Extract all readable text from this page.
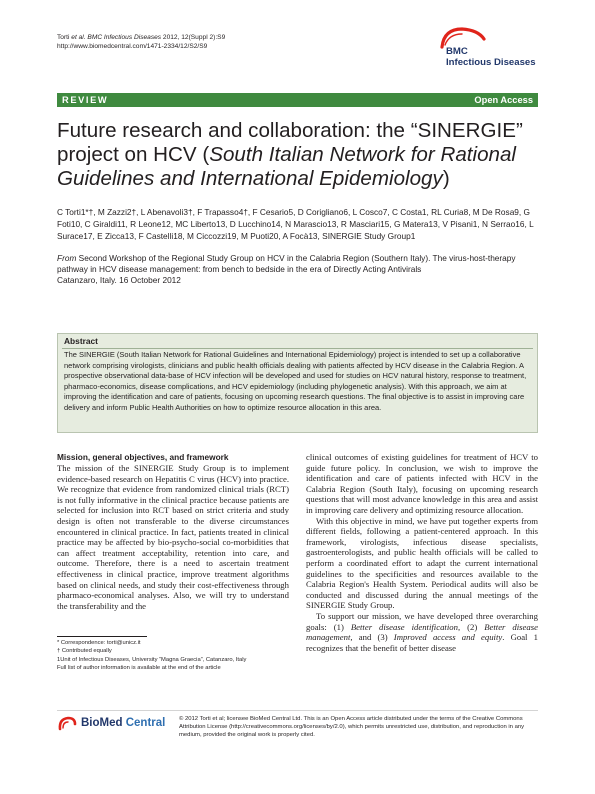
Torti et al. BMC Infectious Diseases 2012, 12(Suppl 2):S9
http://www.biomedcentral.com/1471-2334/12/S2/S9	BMC
Infectious Diseases
REVIEW	Open Access
Future research and collaboration: the “SINERGIE” project on HCV (South Italian Network for Rational Guidelines and International Epidemiology)
C Torti1*†, M Zazzi2†, L Abenavoli3†, F Trapasso4†, F Cesario5, D Corigliano6, L Cosco7, C Costa1, RL Curia8, M De Rosa9, G Foti10, C Giraldi11, R Leone12, MC Liberto13, D Lucchino14, N Marascio13, R Masciari15, G Matera13, V Pisani1, N Serrao16, L Surace17, E Zicca13, F Castelli18, M Ciccozzi19, M Puoti20, A Focà13, SINERGIE Study Group1
From Second Workshop of the Regional Study Group on HCV in the Calabria Region (Southern Italy). The virus-host-therapy pathway in HCV disease management: from bench to bedside in the era of Directly Acting Antivirals
Catanzaro, Italy. 16 October 2012
Abstract
The SINERGIE (South Italian Network for Rational Guidelines and International Epidemiology) project is intended to set up a collaborative network comprising virologists, clinicians and public health officials dealing with patients affected by HCV disease in the Calabria Region. A prospective observational data-base of HCV infection will be developed and used for studies on HCV natural history, response to treatment, pharmaco-economics, disease complications, and HCV epidemiology (including phylogenetic analysis). With this approach, we aim at improving the identification and care of patients, focusing on upcoming research questions. The final objective is to assist in improving care delivery and inform Public Health Authorities on how to optimize resource allocation in this area.
Mission, general objectives, and framework

The mission of the SINERGIE Study Group is to implement evidence-based research on Hepatitis C virus (HCV) into practice. We recognize that evidence from randomized clinical trials (RCT) is not fully informative in the clinical practice because patients are selected for inclusion into RCT based on strict criteria and study design is often not transferable to the diverse circumstances encountered in clinical practice. In fact, patients treated in clinical practice may be affected by bio-psycho-social co-morbidities that can affect treatment acceptability, retention into care, and outcome. Therefore, there is a need to ascertain treatment effectiveness in clinical practice, improve treatment algorithms based on clinical needs, and study their cost-effectiveness through pharmaco-economical analyses. Also, we will try to understand the transferability and the

clinical outcomes of existing guidelines for treatment of HCV to guide future policy. In conclusion, we wish to improve the identification and care of patients infected with HCV in the Calabria Region (South Italy), focusing on upcoming research questions that will most advance knowledge in this area and assist in improving care delivery and optimizing resource allocation.

With this objective in mind, we have put together experts from different fields, following a patient-centered approach. In this framework, virologists, infectious disease specialists, gastroenterologists, and public health officials will be called to perform a coordinated effort to adapt the current international guidelines to the specificities and resources available to the Calabria Region's Health System. Periodical audits will also be conducted and discussed during the annual meetings of the SINERGIE Study Group.

To support our mission, we have developed three overarching goals: (1) Better disease identification, (2) Better disease management, and (3) Improved access and equity. Goal 1 recognizes that the benefit of better disease

* Correspondence: torti@unicz.it
† Contributed equally
1Unit of Infectious Diseases, University “Magna Graecia”, Catanzaro, Italy
Full list of author information is available at the end of the article
BioMed Central © 2012 Torti et al; licensee BioMed Central Ltd. This is an Open Access article distributed under the terms of the Creative Commons Attribution License (http://creativecommons.org/licenses/by/2.0), which permits unrestricted use, distribution, and reproduction in any medium, provided the original work is properly cited.
